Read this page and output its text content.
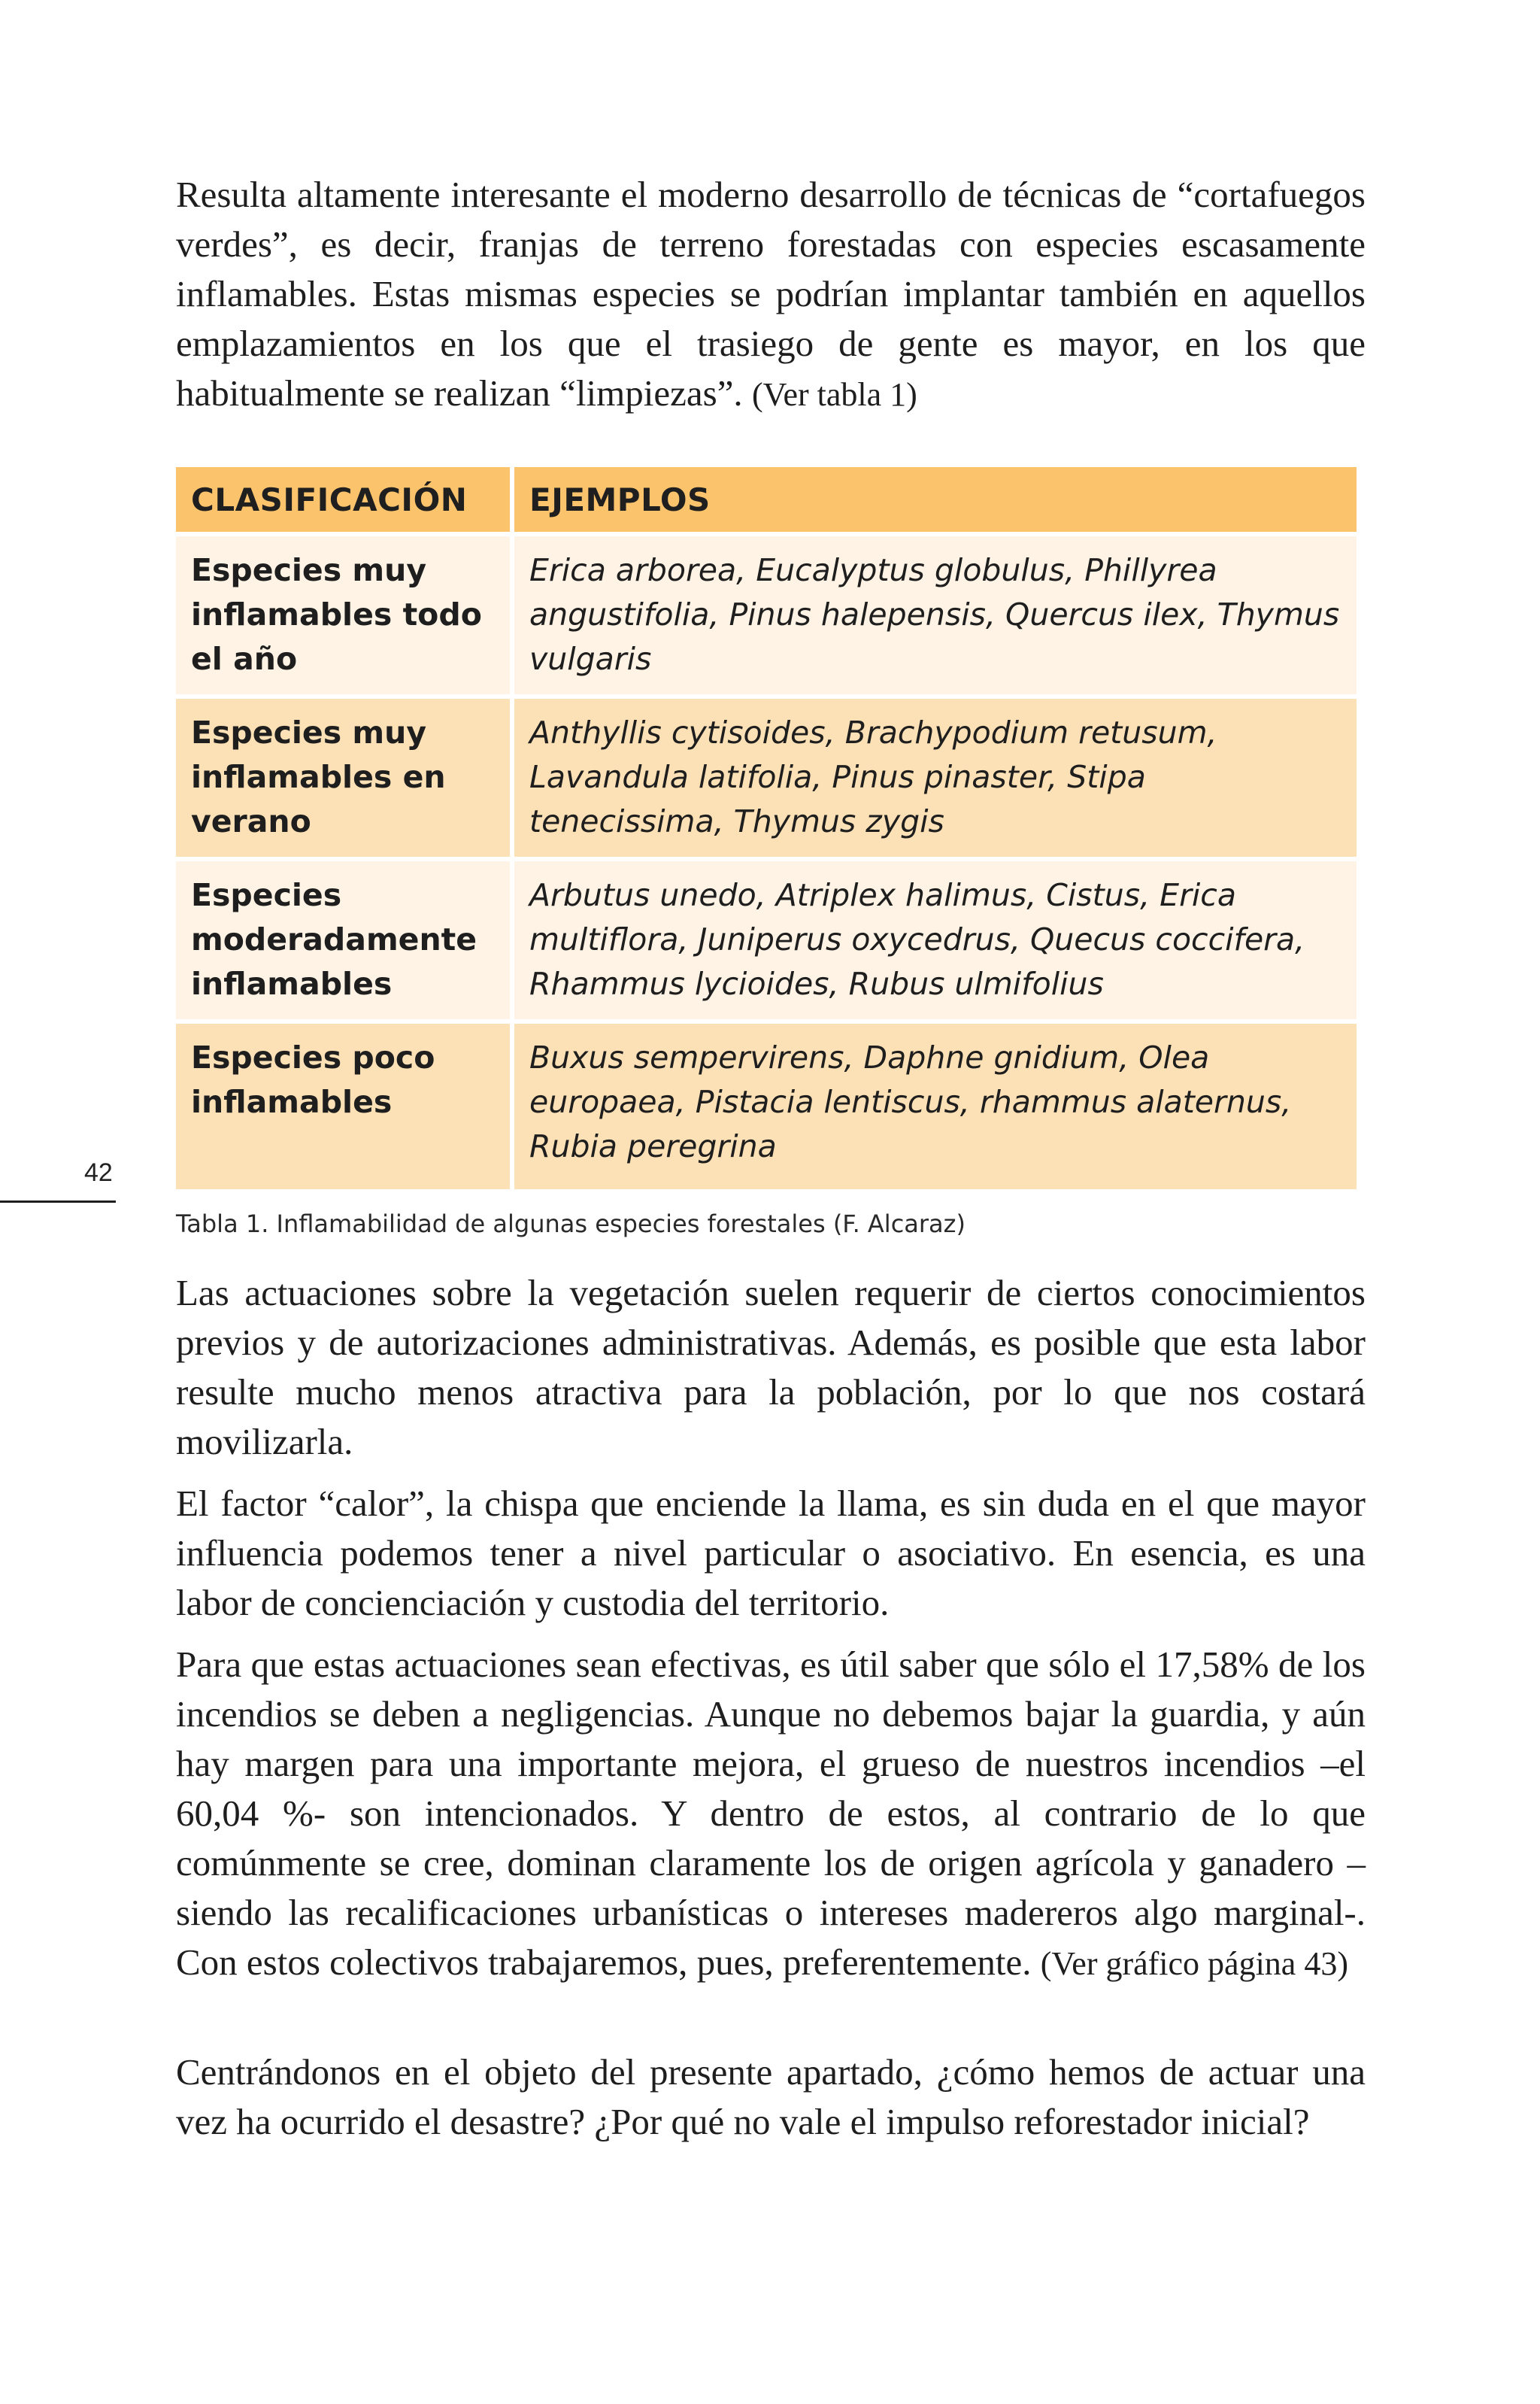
Resulta altamente interesante el moderno desarrollo de técnicas de “cortafuegos verdes”, es decir, franjas de terreno forestadas con especies escasamente inflamables. Estas mismas especies se podrían implantar también en aquellos emplazamientos en los que el trasiego de gente es mayor, en los que habitualmente se realizan “limpiezas”. (Ver tabla 1)

CLASIFICACIÓN	EJEMPLOS
Especies muy inflamables todo el año	Erica arborea, Eucalyptus globulus, Phillyrea angustifolia, Pinus halepensis, Quercus ilex, Thymus vulgaris
Especies muy inflamables en verano	Anthyllis cytisoides, Brachypodium retusum, Lavandula latifolia, Pinus pinaster, Stipa tenecissima, Thymus zygis
Especies moderadamente inflamables	Arbutus unedo, Atriplex halimus, Cistus, Erica multiflora, Juniperus oxycedrus, Quecus coccifera, Rhammus lycioides, Rubus ulmifolius
Especies poco inflamables	Buxus sempervirens, Daphne gnidium, Olea europaea, Pistacia lentiscus, rhammus alaternus, Rubia peregrina
42
Tabla 1. Inflamabilidad de algunas especies forestales (F. Alcaraz)

Las actuaciones sobre la vegetación suelen requerir de ciertos conocimientos previos y de autorizaciones administrativas. Además, es posible que esta labor resulte mucho menos atractiva para la población, por lo que nos costará movilizarla.

El factor “calor”, la chispa que enciende la llama, es sin duda en el que mayor influencia podemos tener a nivel particular o asociativo. En esencia, es una labor de concienciación y custodia del territorio.

Para que estas actuaciones sean efectivas, es útil saber que sólo el 17,58% de los incendios se deben a negligencias. Aunque no debemos bajar la guardia, y aún hay margen para una importante mejora, el grueso de nuestros incendios –el 60,04 %- son intencionados. Y dentro de estos, al contrario de lo que comúnmente se cree, dominan claramente los de origen agrícola y ganadero –siendo las recalificaciones urbanísticas o intereses madereros algo marginal-. Con estos colectivos trabajaremos, pues, preferentemente. (Ver gráfico página 43)

Centrándonos en el objeto del presente apartado, ¿cómo hemos de actuar una vez ha ocurrido el desastre? ¿Por qué no vale el impulso reforestador inicial?
